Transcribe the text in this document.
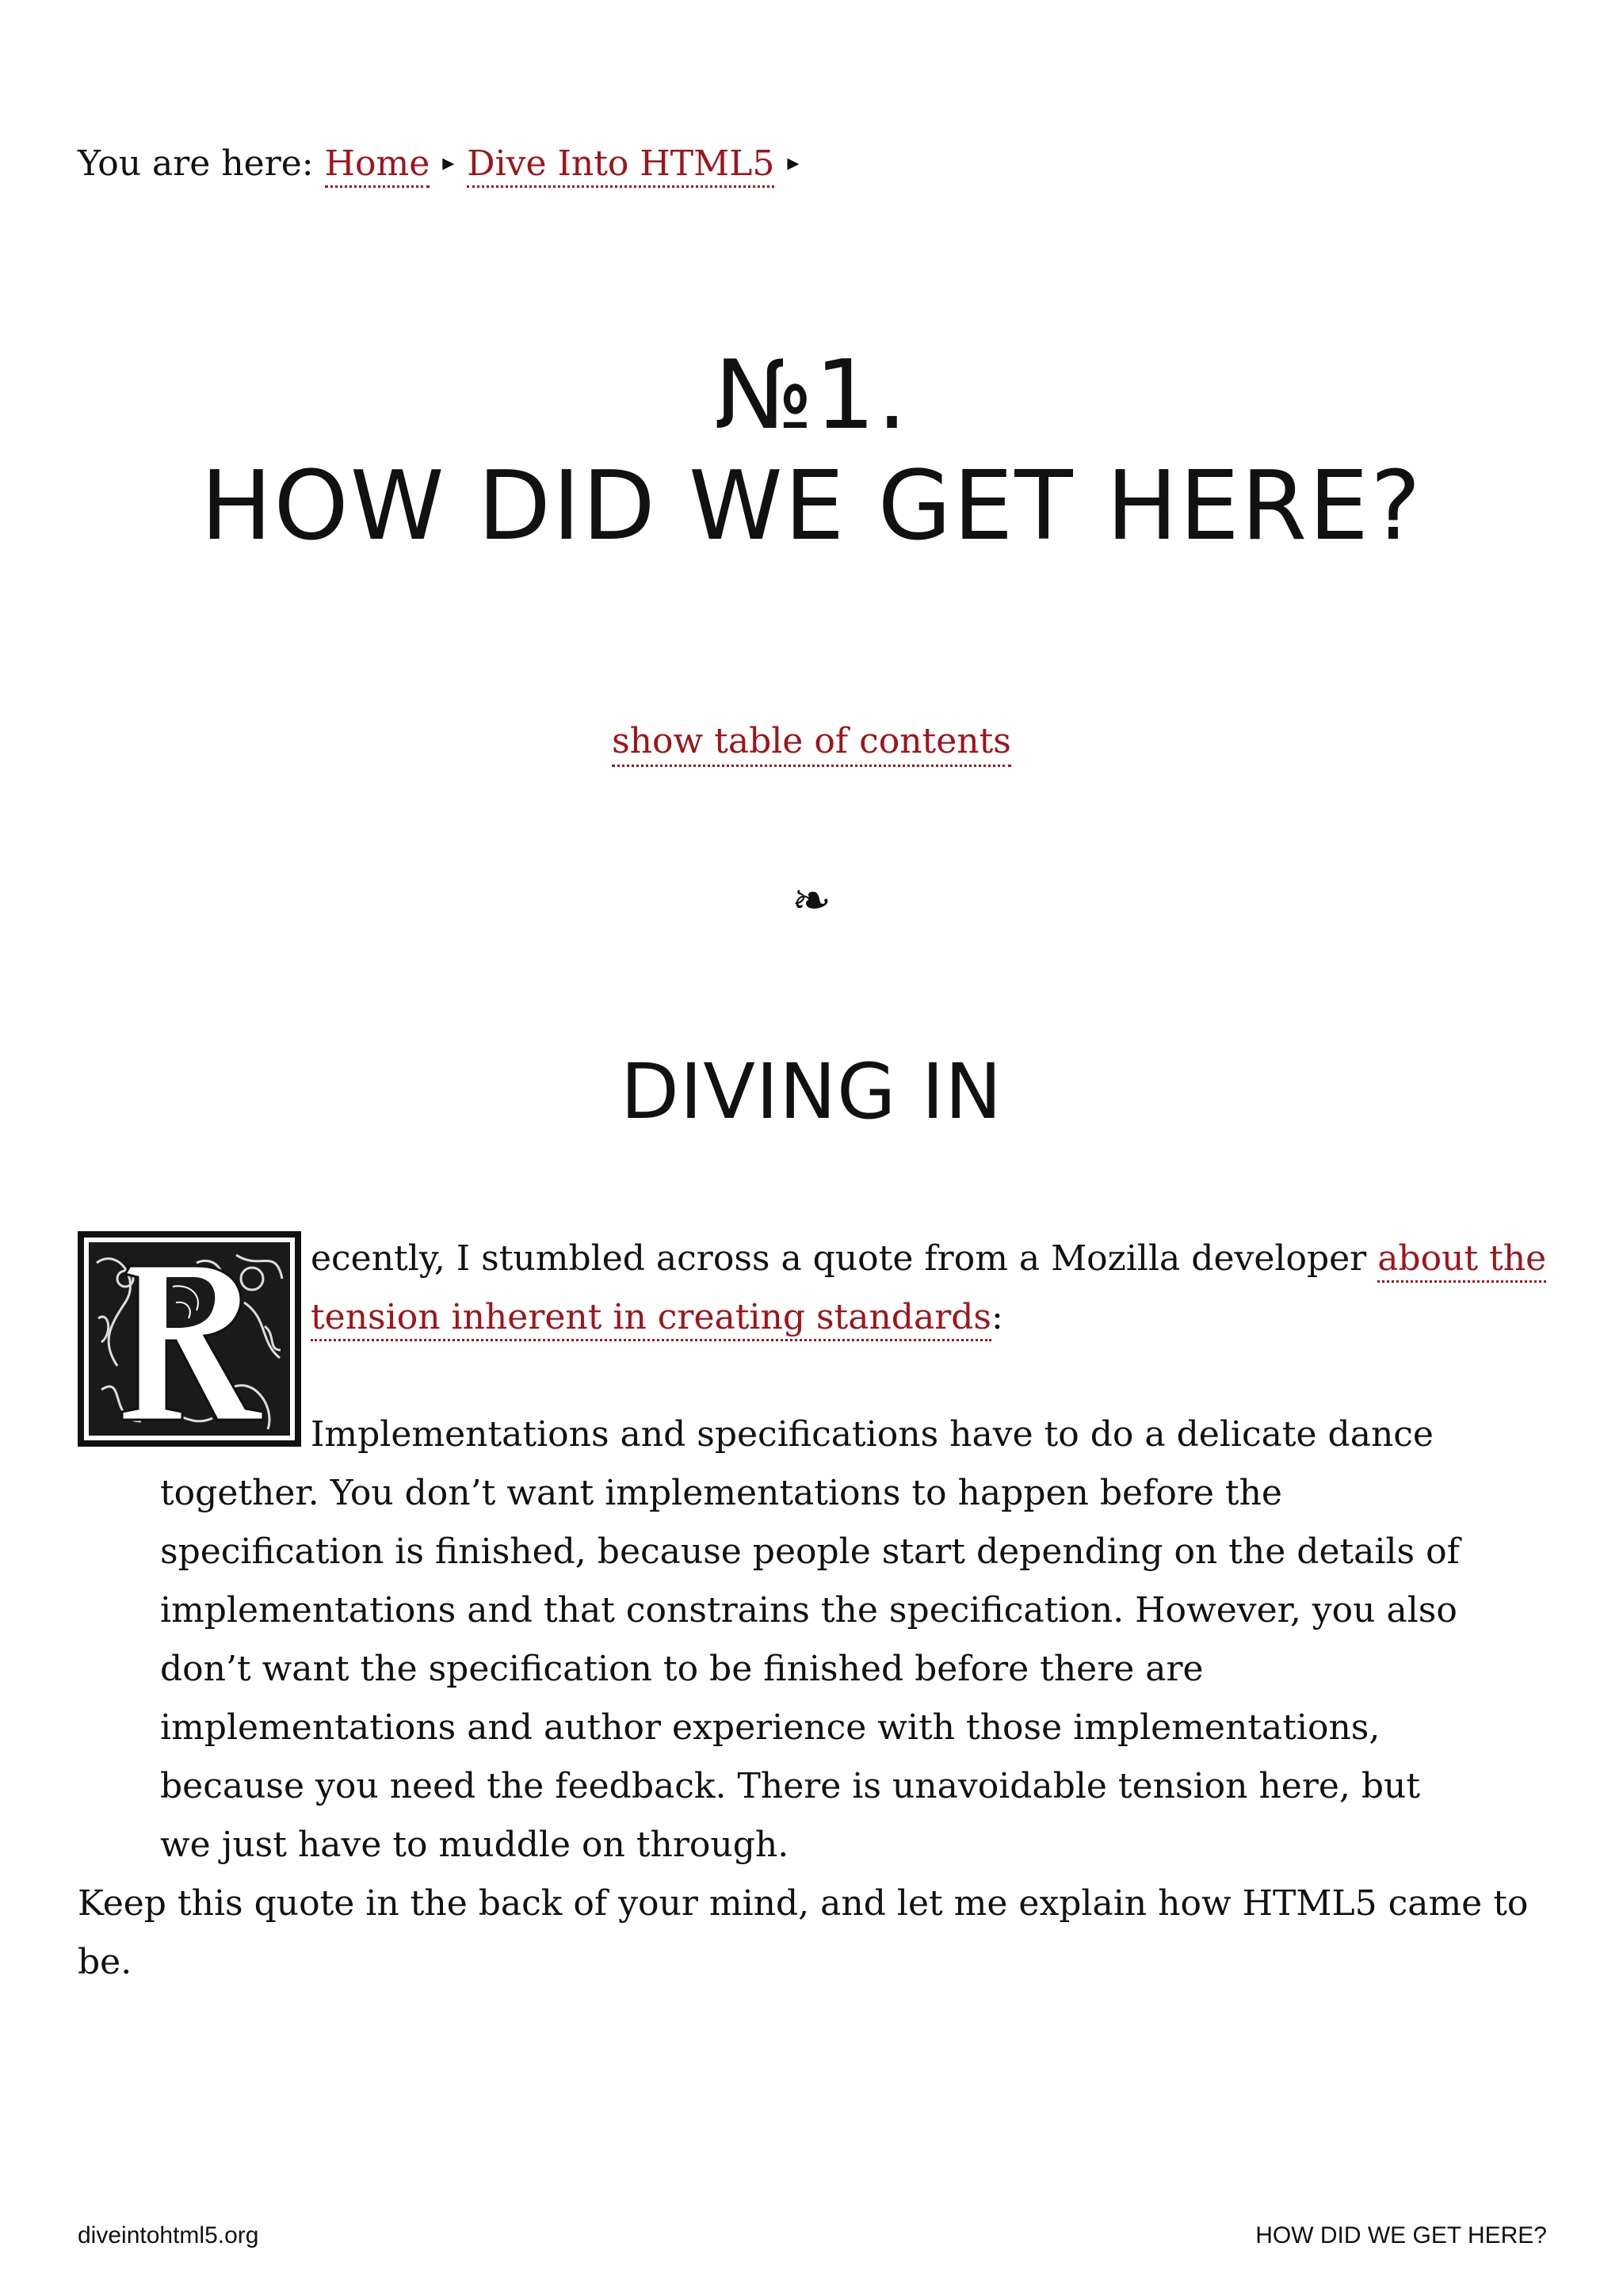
You are here: Home ▸ Dive Into HTML5 ▸
№1.
HOW DID WE GET HERE?
show table of contents
❧
DIVING IN

ecently, I stumbled across a quote from a Mozilla developer about the tension inherent in creating standards:

Implementations and specifications have to do a delicate dance together. You don’t want implementations to happen before the specification is finished, because people start depending on the details of implementations and that constrains the specification. However, you also don’t want the specification to be finished before there are implementations and author experience with those implementations, because you need the feedback. There is unavoidable tension here, but we just have to muddle on through.

Keep this quote in the back of your mind, and let me explain how HTML5 came to be.

diveintohtml5.org	HOW DID WE GET HERE?
